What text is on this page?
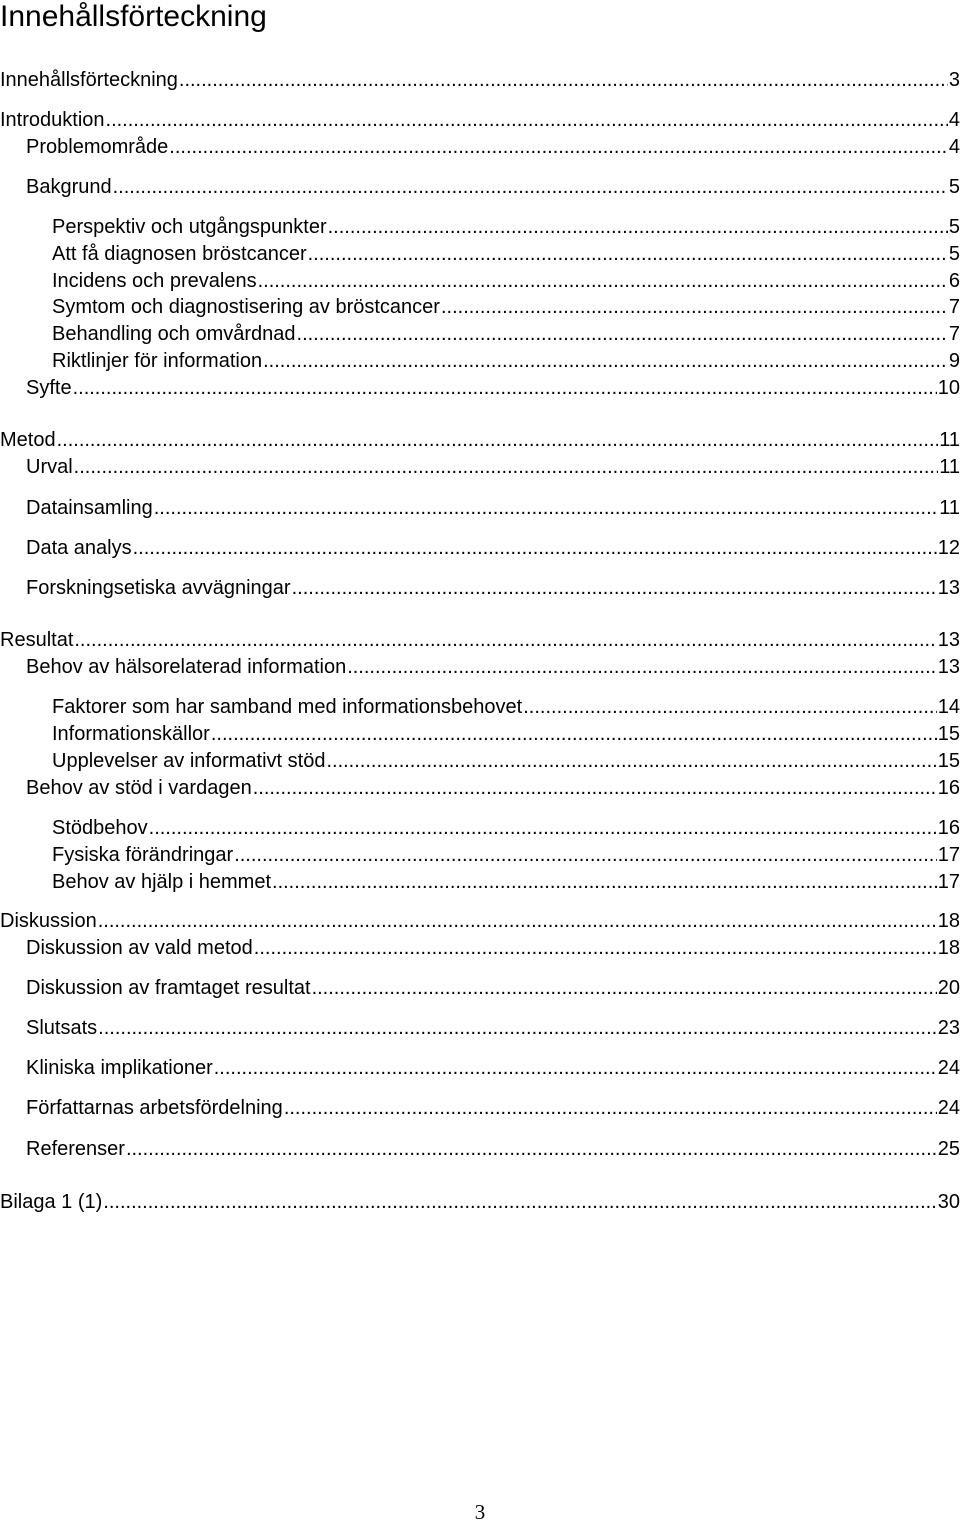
Innehållsförteckning
Innehållsförteckning .....	3
Introduktion .....	4
Problemområde .....	4
Bakgrund .....	5
Perspektiv och utgångspunkter .....	5
Att få diagnosen bröstcancer .....	5
Incidens och prevalens .....	6
Symtom och diagnostisering av bröstcancer .....	7
Behandling och omvårdnad .....	7
Riktlinjer för information .....	9
Syfte .....	10
Metod .....	11
Urval .....	11
Datainsamling .....	11
Data analys .....	12
Forskningsetiska avvägningar .....	13
Resultat .....	13
Behov av hälsorelaterad information .....	13
Faktorer som har samband med informationsbehovet .....	14
Informationskällor .....	15
Upplevelser av informativt stöd .....	15
Behov av stöd i vardagen .....	16
Stödbehov .....	16
Fysiska förändringar .....	17
Behov av hjälp i hemmet .....	17
Diskussion .....	18
Diskussion av vald metod .....	18
Diskussion av framtaget resultat .....	20
Slutsats .....	23
Kliniska implikationer .....	24
Författarnas arbetsfördelning .....	24
Referenser .....	25
Bilaga 1 (1) .....	30
3
